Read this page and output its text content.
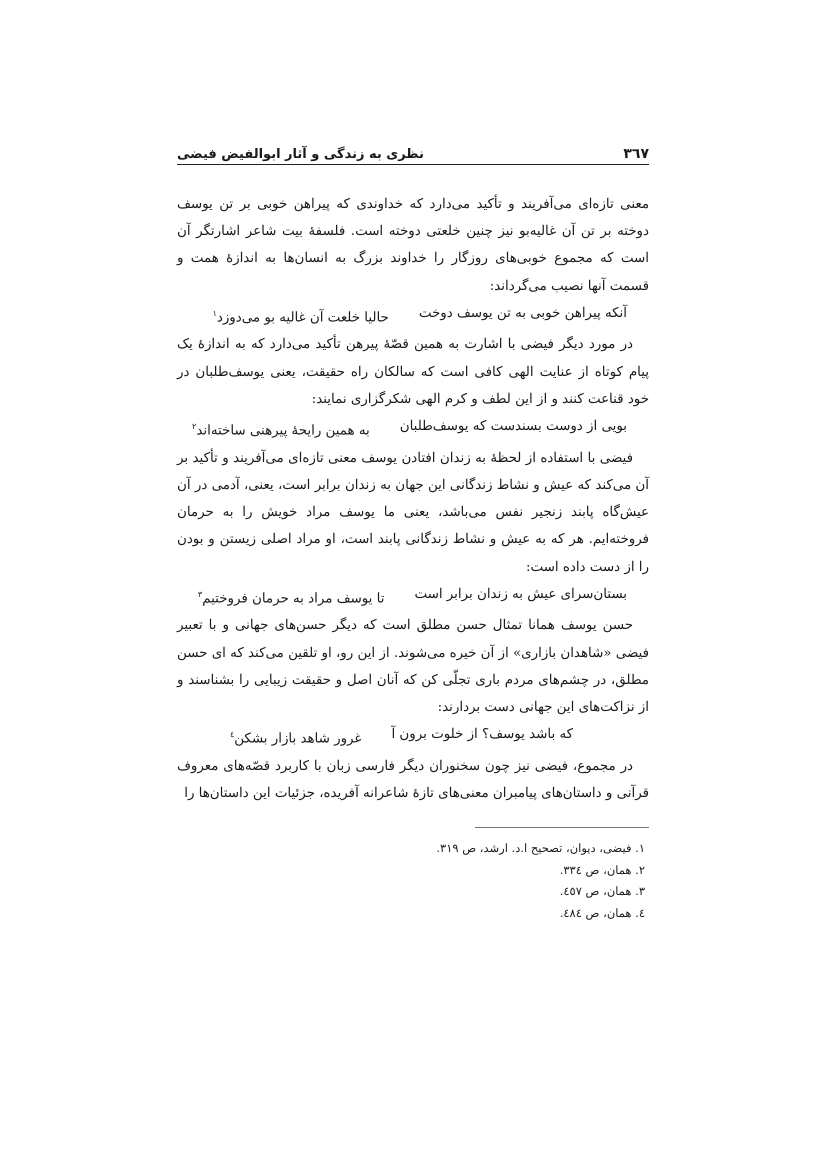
٣٦٧
نظری به زندگی و آثار ابوالفیض فیضی

معنی تازه‌ای می‌آفریند و تأکید می‌دارد که خداوندی که پیراهن خوبی بر تن یوسف دوخته بر تن آن غالیه‌بو نیز چنین خلعتی دوخته است. فلسفهٔ بیت شاعر اشارتگر آن است که مجموع خوبی‌های روزگار را خداوند بزرگ به انسان‌ها به اندازهٔ همت و قسمت آنها نصیب می‌گرداند:

آنکه پیراهن خوبی به تن یوسف دوخت
حالیا خلعت آن غالیه بو می‌دوزد$^١$

در مورد دیگر فیضی با اشارت به همین قصّهٔ پیرهن تأکید می‌دارد که به اندازهٔ یک پیام کوتاه از عنایت الهی کافی است که سالکان راه حقیقت، یعنی یوسف‌طلبان در خود قناعت کنند و از این لطف و کرم الهی شکرگزاری نمایند:

بویی از دوست بسندست که یوسف‌طلبان
به همین رایحهٔ پیرهنی ساخته‌اند$^٢$

فیضی با استفاده از لحظهٔ به زندان افتادن یوسف معنی تازه‌ای می‌آفریند و تأکید بر آن می‌کند که عیش و نشاط زندگانی این جهان به زندان برابر است، یعنی، آدمی در آن عیش‌گاه پابند زنجیر نفس می‌باشد، یعنی ما یوسف مراد خویش را به حرمان فروخته‌ایم. هر که به عیش و نشاط زندگانی پابند است، او مراد اصلی زیستن و بودن را از دست داده است:

بستان‌سرای عیش به زندان برابر است
تا یوسف مراد به حرمان فروختیم$^٣$

حسن یوسف همانا تمثال حسن مطلق است که دیگر حسن‌های جهانی و با تعبیر فیضی «شاهدان بازاری» از آن خیره می‌شوند. از این رو، او تلقین می‌کند که ای حسن مطلق، در چشم‌های مردم باری تجلّی کن که آنان اصل و حقیقت زیبایی را بشناسند و از نزاکت‌های این جهانی دست بردارند:

که باشد یوسف؟ از خلوت برون آ
غرور شاهد بازار بشکن$^٤$

در مجموع، فیضی نیز چون سخنوران دیگر فارسی زبان با کاربرد قصّه‌های معروف قرآنی و داستان‌های پیامبران معنی‌های تازهٔ شاعرانه آفریده، جزئیات این داستان‌ها را

١. فیضی، دیوان، تصحیح ا.د. ارشد، ص ٣١٩.
٢. همان، ص ٣٣٤.
٣. همان، ص ٤٥٧.
٤. همان، ص ٤٨٤.
